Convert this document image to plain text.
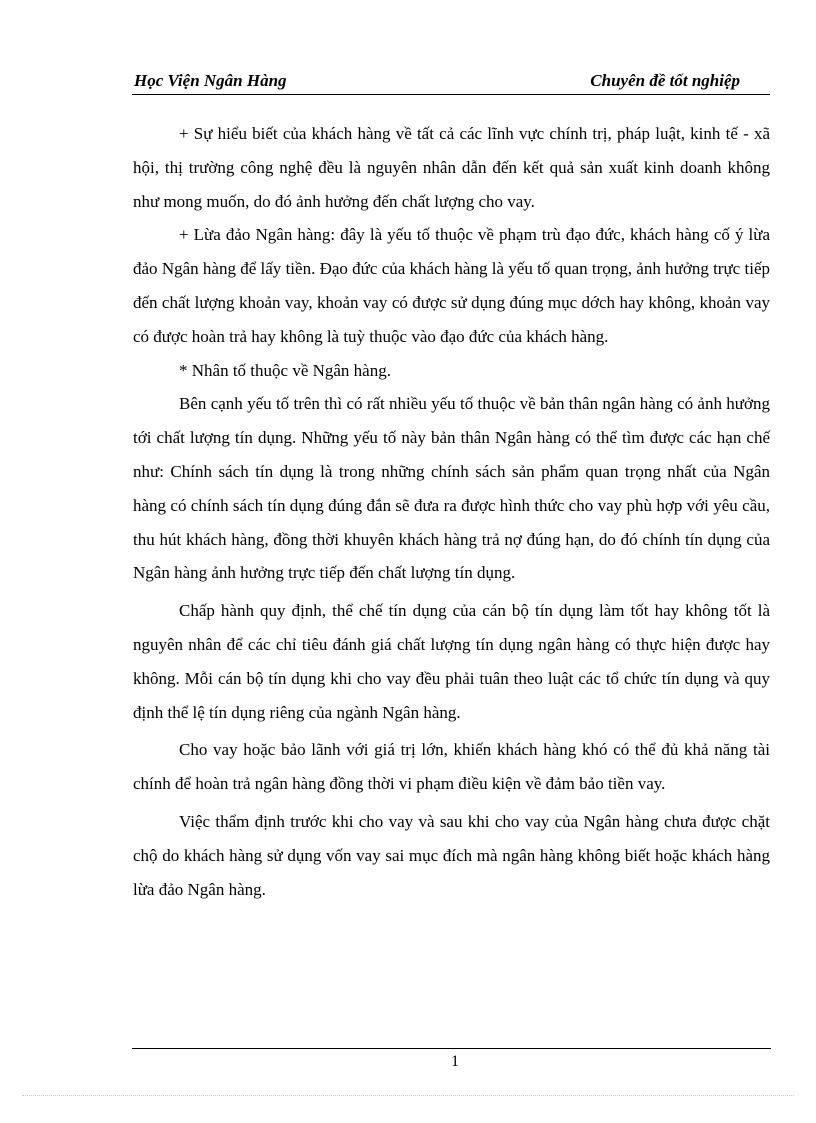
Học Viện Ngân Hàng	Chuyên đề tốt nghiệp

+ Sự hiểu biết của khách hàng về tất cả các lĩnh vực chính trị, pháp luật, kinh tế - xã hội, thị trường công nghệ đều là nguyên nhân dẫn đến kết quả sản xuất kinh doanh không như mong muốn, do đó ảnh hưởng đến chất lượng cho vay.

+ Lừa đảo Ngân hàng: đây là yếu tố thuộc về phạm trù đạo đức, khách hàng cố ý lừa đảo Ngân hàng để lấy tiền. Đạo đức của khách hàng là yếu tố quan trọng, ảnh hưởng trực tiếp đến chất lượng khoản vay, khoản vay có được sử dụng đúng mục dớch hay không, khoản vay có được hoàn trả hay không là tuỳ thuộc vào đạo đức của khách hàng.

* Nhân tố thuộc về Ngân hàng.

Bên cạnh yếu tố trên thì có rất nhiều yếu tố thuộc về bản thân ngân hàng có ảnh hưởng tới chất lượng tín dụng. Những yếu tố này bản thân Ngân hàng có thể tìm được các hạn chế như: Chính sách tín dụng là trong những chính sách sản phẩm quan trọng nhất của Ngân hàng có chính sách tín dụng đúng đắn sẽ đưa ra được hình thức cho vay phù hợp với yêu cầu, thu hút khách hàng, đồng thời khuyên khách hàng trả nợ đúng hạn, do đó chính tín dụng của Ngân hàng ảnh hưởng trực tiếp đến chất lượng tín dụng.

Chấp hành quy định, thể chế tín dụng của cán bộ tín dụng làm tốt hay không tốt là nguyên nhân để các chỉ tiêu đánh giá chất lượng tín dụng ngân hàng có thực hiện được hay không. Mỗi cán bộ tín dụng khi cho vay đều phải tuân theo luật các tổ chức tín dụng và quy định thể lệ tín dụng riêng của ngành Ngân hàng.

Cho vay hoặc bảo lãnh với giá trị lớn, khiến khách hàng khó có thể đủ khả năng tài chính để hoàn trả ngân hàng đồng thời vi phạm điều kiện về đảm bảo tiền vay.

Việc thẩm định trước khi cho vay và sau khi cho vay của Ngân hàng chưa được chặt chộ do khách hàng sử dụng vốn vay sai mục đích mà ngân hàng không biết hoặc khách hàng lừa đảo Ngân hàng.

1
